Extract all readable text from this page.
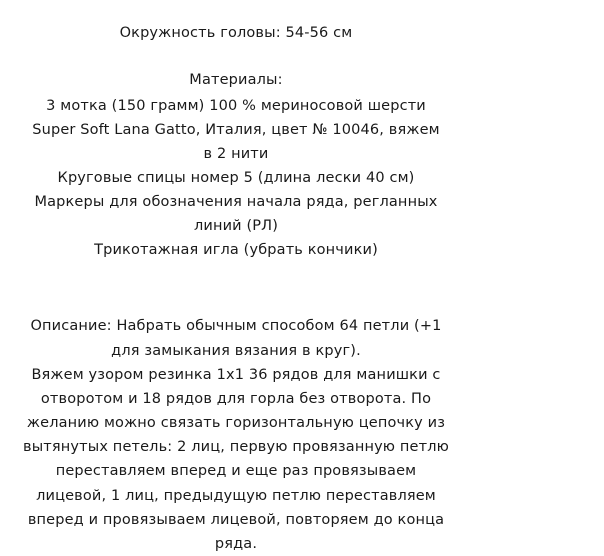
Окружность головы: 54-56 см
Материалы:
3 мотка (150 грамм) 100 % мериносовой шерсти
Super Soft Lana Gatto, Италия, цвет № 10046, вяжем
в 2 нити
Круговые спицы номер 5 (длина лески 40 см)
Маркеры для обозначения начала ряда, регланных
линий (РЛ)
Трикотажная игла (убрать кончики)
Описание: Набрать обычным способом 64 петли (+1
для замыкания вязания в круг).
Вяжем узором резинка 1x1 36 рядов для манишки с
отворотом и 18 рядов для горла без отворота. По
желанию можно связать горизонтальную цепочку из
вытянутых петель: 2 лиц, первую провязанную петлю
переставляем вперед и еще раз провязываем
лицевой, 1 лиц, предыдущую петлю переставляем
вперед и провязываем лицевой, повторяем до конца
ряда.
